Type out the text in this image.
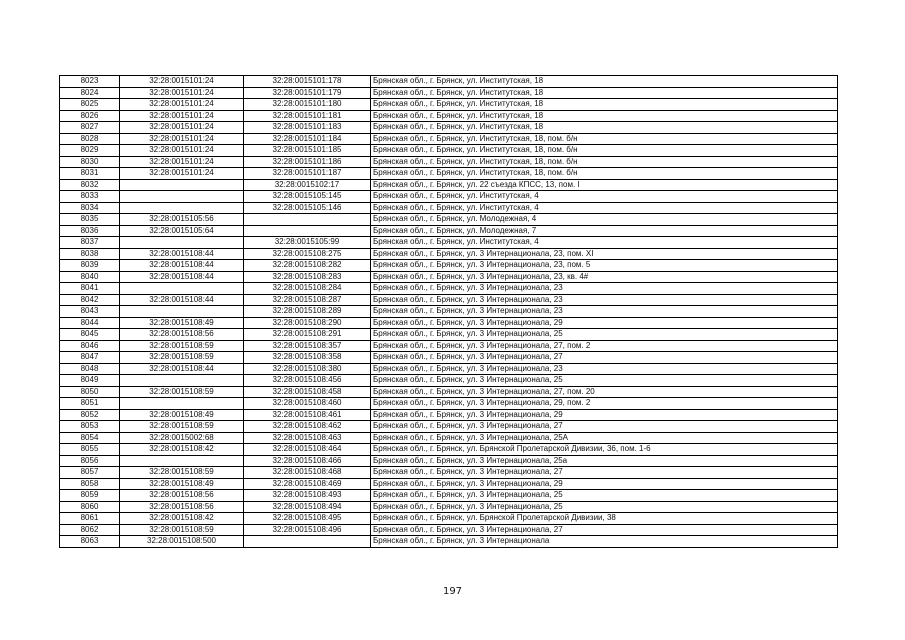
8023	32:28:0015101:24	32:28:0015101:178	Брянская обл., г. Брянск, ул. Институтская, 18
8024	32:28:0015101:24	32:28:0015101:179	Брянская обл., г. Брянск, ул. Институтская, 18
8025	32:28:0015101:24	32:28:0015101:180	Брянская обл., г. Брянск, ул. Институтская, 18
8026	32:28:0015101:24	32:28:0015101:181	Брянская обл., г. Брянск, ул. Институтская, 18
8027	32:28:0015101:24	32:28:0015101:183	Брянская обл., г. Брянск, ул. Институтская, 18
8028	32:28:0015101:24	32:28:0015101:184	Брянская обл., г. Брянск, ул. Институтская, 18, пом. б/н
8029	32:28:0015101:24	32:28:0015101:185	Брянская обл., г. Брянск, ул. Институтская, 18, пом. б/н
8030	32:28:0015101:24	32:28:0015101:186	Брянская обл., г. Брянск, ул. Институтская, 18, пом. б/н
8031	32:28:0015101:24	32:28:0015101:187	Брянская обл., г. Брянск, ул. Институтская, 18, пом. б/н
8032		32:28:0015102:17	Брянская обл., г. Брянск, ул. 22 съезда КПСС, 13, пом. I
8033		32:28:0015105:145	Брянская обл., г. Брянск, ул. Институтская, 4
8034		32:28:0015105:146	Брянская обл., г. Брянск, ул. Институтская, 4
8035	32:28:0015105:56		Брянская обл., г. Брянск, ул. Молодежная, 4
8036	32:28:0015105:64		Брянская обл., г. Брянск, ул. Молодежная, 7
8037		32:28:0015105:99	Брянская обл., г. Брянск, ул. Институтская, 4
8038	32:28:0015108:44	32:28:0015108:275	Брянская обл., г. Брянск, ул. 3 Интернационала, 23, пом. XI
8039	32:28:0015108:44	32:28:0015108:282	Брянская обл., г. Брянск, ул. 3 Интернационала, 23, пом. 5
8040	32:28:0015108:44	32:28:0015108:283	Брянская обл., г. Брянск, ул. 3 Интернационала, 23, кв. 4#
8041		32:28:0015108:284	Брянская обл., г. Брянск, ул. 3 Интернационала, 23
8042	32:28:0015108:44	32:28:0015108:287	Брянская обл., г. Брянск, ул. 3 Интернационала, 23
8043		32:28:0015108:289	Брянская обл., г. Брянск, ул. 3 Интернационала, 23
8044	32:28:0015108:49	32:28:0015108:290	Брянская обл., г. Брянск, ул. 3 Интернационала, 29
8045	32:28:0015108:56	32:28:0015108:291	Брянская обл., г. Брянск, ул. 3 Интернационала, 25
8046	32:28:0015108:59	32:28:0015108:357	Брянская обл., г. Брянск, ул. 3 Интернационала, 27, пом. 2
8047	32:28:0015108:59	32:28:0015108:358	Брянская обл., г. Брянск, ул. 3 Интернационала, 27
8048	32:28:0015108:44	32:28:0015108:380	Брянская обл., г. Брянск, ул. 3 Интернационала, 23
8049		32:28:0015108:456	Брянская обл., г. Брянск, ул. 3 Интернационала, 25
8050	32:28:0015108:59	32:28:0015108:458	Брянская обл., г. Брянск, ул. 3 Интернационала, 27, пом. 20
8051		32:28:0015108:460	Брянская обл., г. Брянск, ул. 3 Интернационала, 29, пом. 2
8052	32:28:0015108:49	32:28:0015108:461	Брянская обл., г. Брянск, ул. 3 Интернационала, 29
8053	32:28:0015108:59	32:28:0015108:462	Брянская обл., г. Брянск, ул. 3 Интернационала, 27
8054	32:28:0015002:68	32:28:0015108:463	Брянская обл., г. Брянск, ул. 3 Интернационала, 25А
8055	32:28:0015108:42	32:28:0015108:464	Брянская обл., г. Брянск, ул. Брянской Пролетарской Дивизии, 36, пом. 1-6
8056		32:28:0015108:466	Брянская обл., г. Брянск, ул. 3 Интернационала, 25а
8057	32:28:0015108:59	32:28:0015108:468	Брянская обл., г. Брянск, ул. 3 Интернационала, 27
8058	32:28:0015108:49	32:28:0015108:469	Брянская обл., г. Брянск, ул. 3 Интернационала, 29
8059	32:28:0015108:56	32:28:0015108:493	Брянская обл., г. Брянск, ул. 3 Интернационала, 25
8060	32:28:0015108:56	32:28:0015108:494	Брянская обл., г. Брянск, ул. 3 Интернационала, 25
8061	32:28:0015108:42	32:28:0015108:495	Брянская обл., г. Брянск, ул. Брянской Пролетарской Дивизии, 38
8062	32:28:0015108:59	32:28:0015108:496	Брянская обл., г. Брянск, ул. 3 Интернационала, 27
8063	32:28:0015108:500		Брянская обл., г. Брянск, ул. 3 Интернационала
197
